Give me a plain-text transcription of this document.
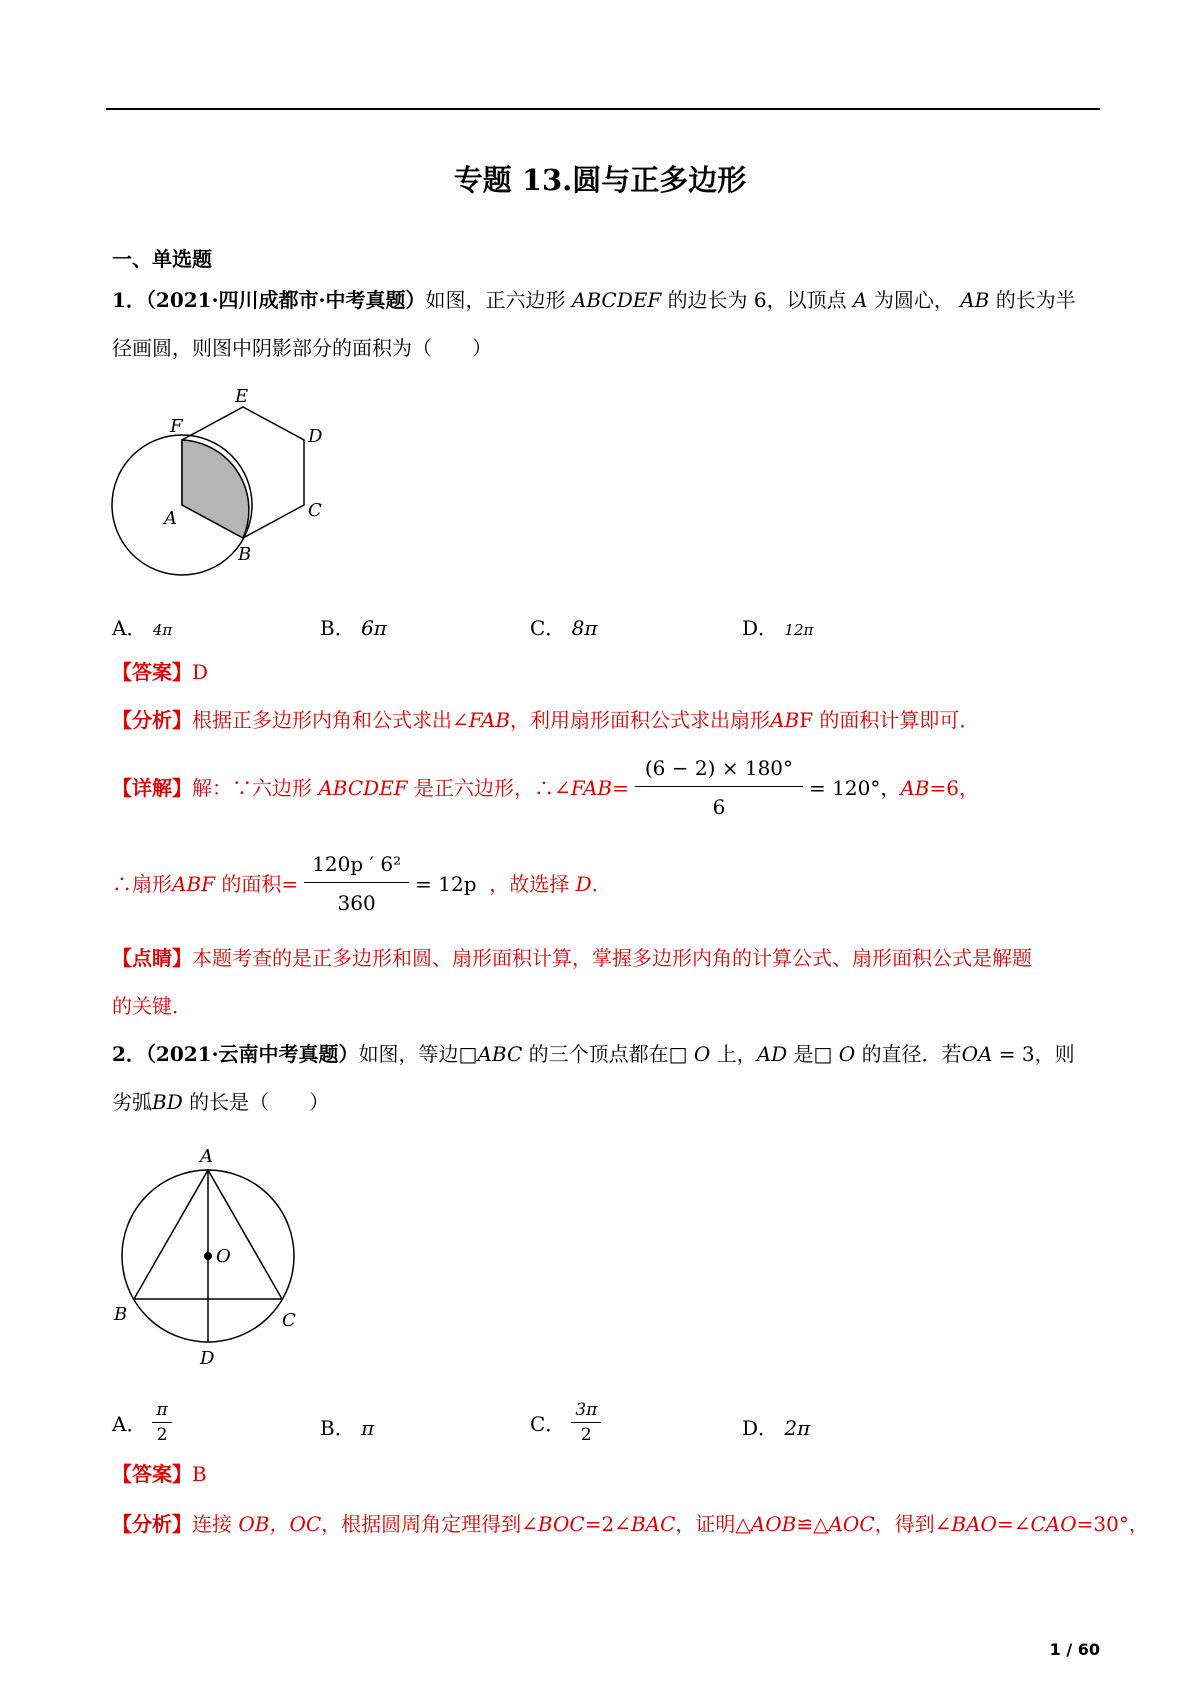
专题 13.圆与正多边形
一、单选题
1．（2021·四川成都市·中考真题）如图，正六边形 ABCDEF 的边长为 6，以顶点 A 为圆心， AB 的长为半
径画圆，则图中阴影部分的面积为（　　）
E
F	D
A	C
B
A． 4π	B． 6π	C． 8π	D． 12π
【答案】D
【分析】根据正多边形内角和公式求出∠FAB，利用扇形面积公式求出扇形ABF 的面积计算即可．
【详解】 解：∵六边形
ABCDEF
是正六边形，∴∠ FAB = $\frac{(6 - 2) \times 180^\circ}{6} = 120^\circ$， AB =6，
∴扇形 ABF
的面积= $\frac{\text{120p ′ 6²}}{360} = 12p$
，故选择
D ．
【点睛】本题考查的是正多边形和圆、扇形面积计算，掌握多边形内角的计算公式、扇形面积公式是解题
的关键．
2．（2021·云南中考真题）如图，等边□ABC 的三个顶点都在□ O 上，AD 是□ O 的直径．若OA = 3，则
劣弧BD 的长是（　　）
A
O
B	C
D
A． $\frac{\pi}{2}$	B． π	C． $\frac{3\pi}{2}$	D． 2π
【答案】B
【分析】连接 OB，OC，根据圆周角定理得到∠BOC=2∠BAC，证明△AOB≌△AOC，得到∠BAO=∠CAO=30°，
1 / 60
